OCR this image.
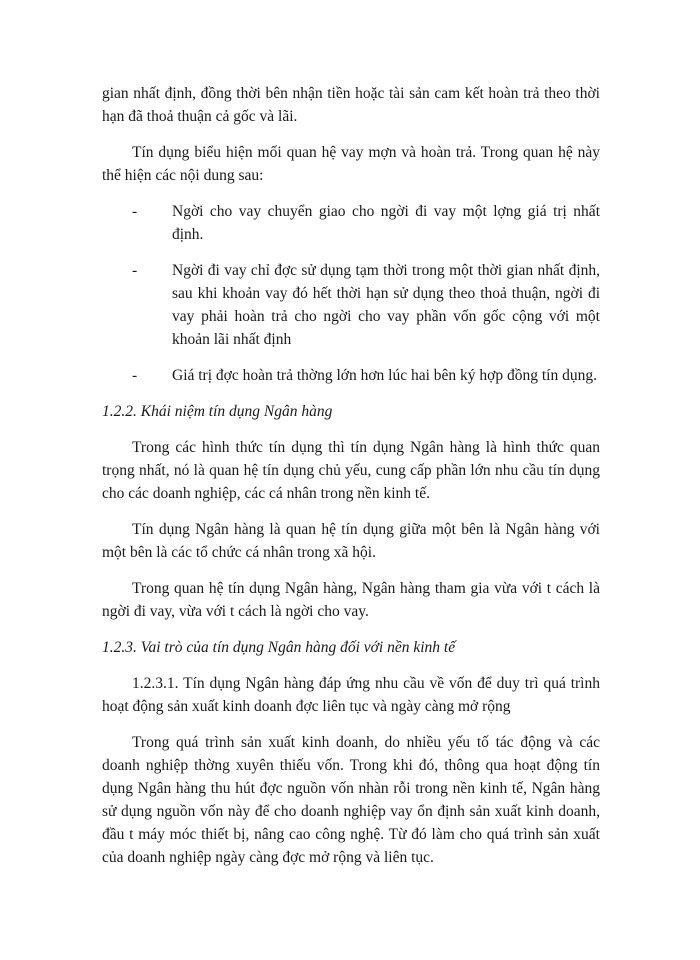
gian nhất định, đồng thời bên nhận tiền hoặc tài sản cam kết hoàn trả theo thời hạn đã thoả thuận cả gốc và lãi.

Tín dụng biểu hiện mối quan hệ vay mợn và hoàn trả. Trong quan hệ này thể hiện các nội dung sau:

-	Ngời cho vay chuyển giao cho ngời đi vay một lợng giá trị nhất định.
-	Ngời đi vay chỉ đợc sử dụng tạm thời trong một thời gian nhất định, sau khi khoản vay đó hết thời hạn sử dụng theo thoả thuận, ngời đi vay phải hoàn trả cho ngời cho vay phần vốn gốc cộng với một khoản lãi nhất định
-	Giá trị đợc hoàn trả thờng lớn hơn lúc hai bên ký hợp đồng tín dụng.

1.2.2. Khái niệm tín dụng Ngân hàng

Trong các hình thức tín dụng thì tín dụng Ngân hàng là hình thức quan trọng nhất, nó là quan hệ tín dụng chủ yếu, cung cấp phần lớn nhu cầu tín dụng cho các doanh nghiệp, các cá nhân trong nền kinh tế.

Tín dụng Ngân hàng là quan hệ tín dụng giữa một bên là Ngân hàng với một bên là các tổ chức cá nhân trong xã hội.

Trong quan hệ tín dụng Ngân hàng, Ngân hàng tham gia vừa với t cách là ngời đi vay, vừa với t cách là ngời cho vay.

1.2.3. Vai trò của tín dụng Ngân hàng đối với nền kinh tế

1.2.3.1. Tín dụng Ngân hàng đáp ứng nhu cầu về vốn để duy trì quá trình hoạt động sản xuất kinh doanh đợc liên tục và ngày càng mở rộng

Trong quá trình sản xuất kinh doanh, do nhiều yếu tố tác động và các doanh nghiệp thờng xuyên thiếu vốn. Trong khi đó, thông qua hoạt động tín dụng Ngân hàng thu hút đợc nguồn vốn nhàn rỗi trong nền kinh tế, Ngân hàng sử dụng nguồn vốn này để cho doanh nghiệp vay ổn định sản xuất kinh doanh, đầu t máy móc thiết bị, nâng cao công nghệ. Từ đó làm cho quá trình sản xuất của doanh nghiệp ngày càng đợc mở rộng và liên tục.
